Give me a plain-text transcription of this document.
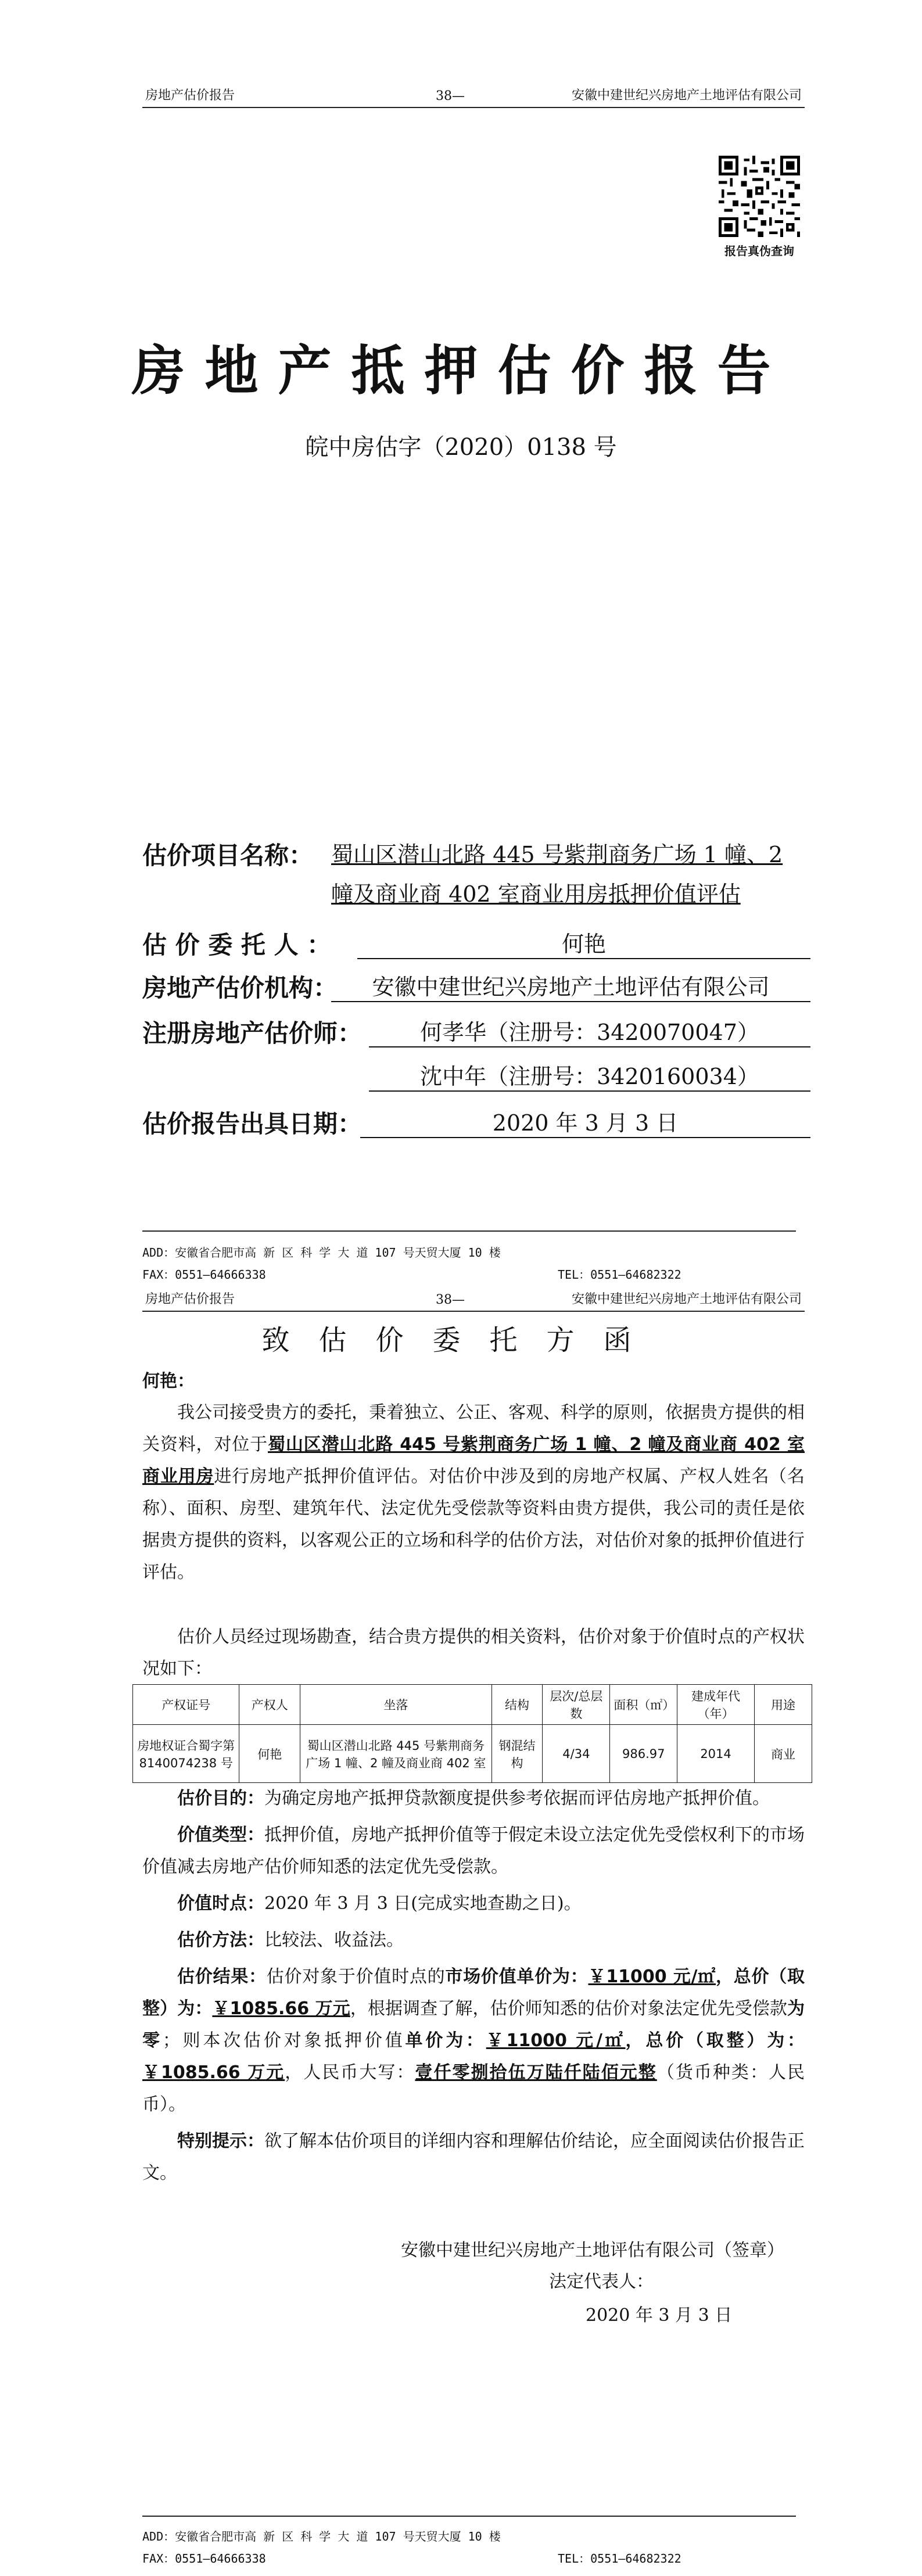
房地产估价报告	38—	安徽中建世纪兴房地产土地评估有限公司
报告真伪查询
房地产抵押估价报告
皖中房估字（2020）0138 号
估价项目名称： 蜀山区潜山北路 445 号紫荆商务广场 1 幢、2
幢及商业商 402 室商业用房抵押价值评估
估 价 委 托 人 ：	何艳
房地产估价机构：	安徽中建世纪兴房地产土地评估有限公司
注册房地产估价师：	何孝华（注册号：3420070047）
沈中年（注册号：3420160034）
估价报告出具日期：	2020 年 3 月 3 日
ADD：安徽省合肥市高 新 区 科 学 大 道 107 号天贸大厦 10 楼
FAX：0551—64666338	TEL：0551—64682322
房地产估价报告	38—	安徽中建世纪兴房地产土地评估有限公司
致估价委托方函
何艳：

我公司接受贵方的委托，秉着独立、公正、客观、科学的原则，依据贵方提供的相关资料，对位于蜀山区潜山北路 445 号紫荆商务广场 1 幢、2 幢及商业商 402 室商业用房进行房地产抵押价值评估。对估价中涉及到的房地产权属、产权人姓名（名称）、面积、房型、建筑年代、法定优先受偿款等资料由贵方提供，我公司的责任是依据贵方提供的资料，以客观公正的立场和科学的估价方法，对估价对象的抵押价值进行评估。

估价人员经过现场勘查，结合贵方提供的相关资料，估价对象于价值时点的产权状况如下：

产权证号	产权人	坐落	结构	层次/总层数	面积（㎡）	建成年代（年）	用途
房地权证合蜀字第 8140074238 号	何艳	蜀山区潜山北路 445 号紫荆商务广场 1 幢、2 幢及商业商 402 室	钢混结构	4/34	986.97	2014	商业

估价目的：为确定房地产抵押贷款额度提供参考依据而评估房地产抵押价值。

价值类型：抵押价值，房地产抵押价值等于假定未设立法定优先受偿权利下的市场价值减去房地产估价师知悉的法定优先受偿款。

价值时点：2020 年 3 月 3 日(完成实地查勘之日)。

估价方法：比较法、收益法。

估价结果：估价对象于价值时点的市场价值单价为：￥11000 元/㎡，总价（取整）为：￥1085.66 万元，根据调查了解，估价师知悉的估价对象法定优先受偿款为零；则本次估价对象抵押价值单价为：￥11000 元/㎡，总价（取整）为：￥1085.66 万元，人民币大写：壹仟零捌拾伍万陆仟陆佰元整（货币种类：人民币）。

特别提示：欲了解本估价项目的详细内容和理解估价结论，应全面阅读估价报告正文。

安徽中建世纪兴房地产土地评估有限公司（签章）
法定代表人：
2020 年 3 月 3 日
ADD：安徽省合肥市高 新 区 科 学 大 道 107 号天贸大厦 10 楼
FAX：0551—64666338	TEL：0551—64682322
